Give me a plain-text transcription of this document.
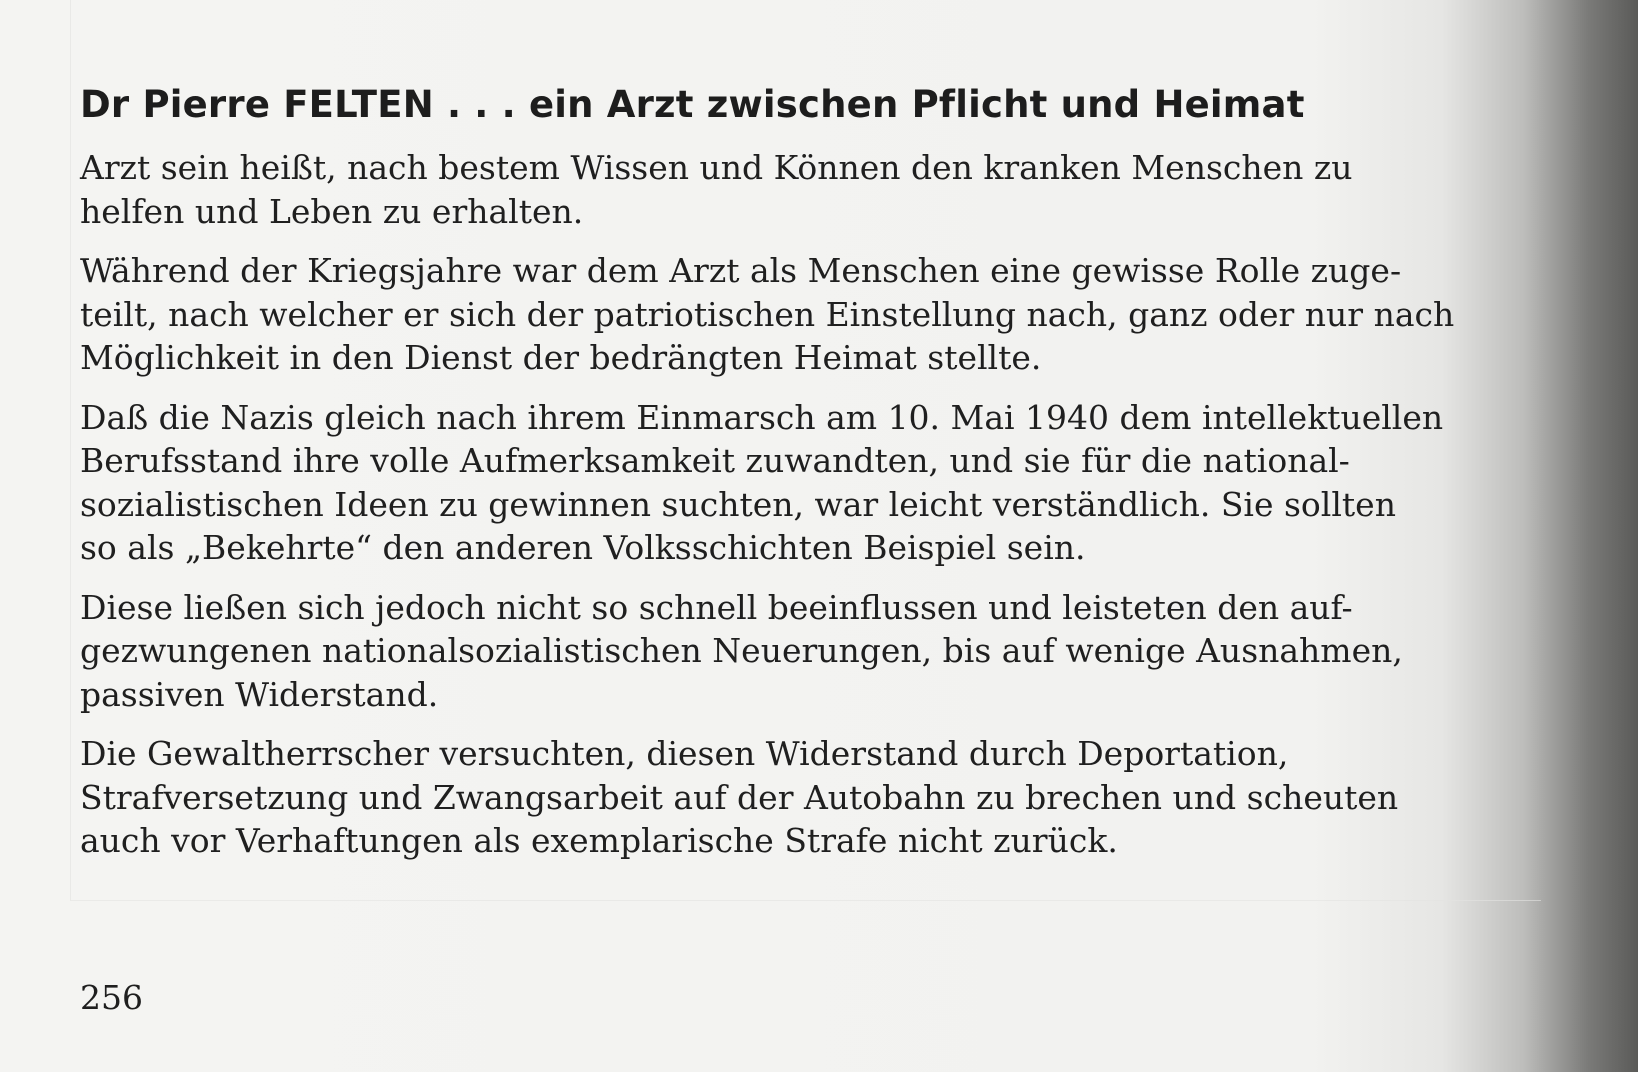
Dr Pierre FELTEN . . . ein Arzt zwischen Pflicht und Heimat

Arzt sein heißt, nach bestem Wissen und Können den kranken Menschen zu
helfen und Leben zu erhalten.

Während der Kriegsjahre war dem Arzt als Menschen eine gewisse Rolle zuge-
teilt, nach welcher er sich der patriotischen Einstellung nach, ganz oder nur nach
Möglichkeit in den Dienst der bedrängten Heimat stellte.

Daß die Nazis gleich nach ihrem Einmarsch am 10. Mai 1940 dem intellektuellen
Berufsstand ihre volle Aufmerksamkeit zuwandten, und sie für die national-
sozialistischen Ideen zu gewinnen suchten, war leicht verständlich. Sie sollten
so als „Bekehrte“ den anderen Volksschichten Beispiel sein.

Diese ließen sich jedoch nicht so schnell beeinflussen und leisteten den auf-
gezwungenen nationalsozialistischen Neuerungen, bis auf wenige Ausnahmen,
passiven Widerstand.

Die Gewaltherrscher versuchten, diesen Widerstand durch Deportation,
Strafversetzung und Zwangsarbeit auf der Autobahn zu brechen und scheuten
auch vor Verhaftungen als exemplarische Strafe nicht zurück.

256
